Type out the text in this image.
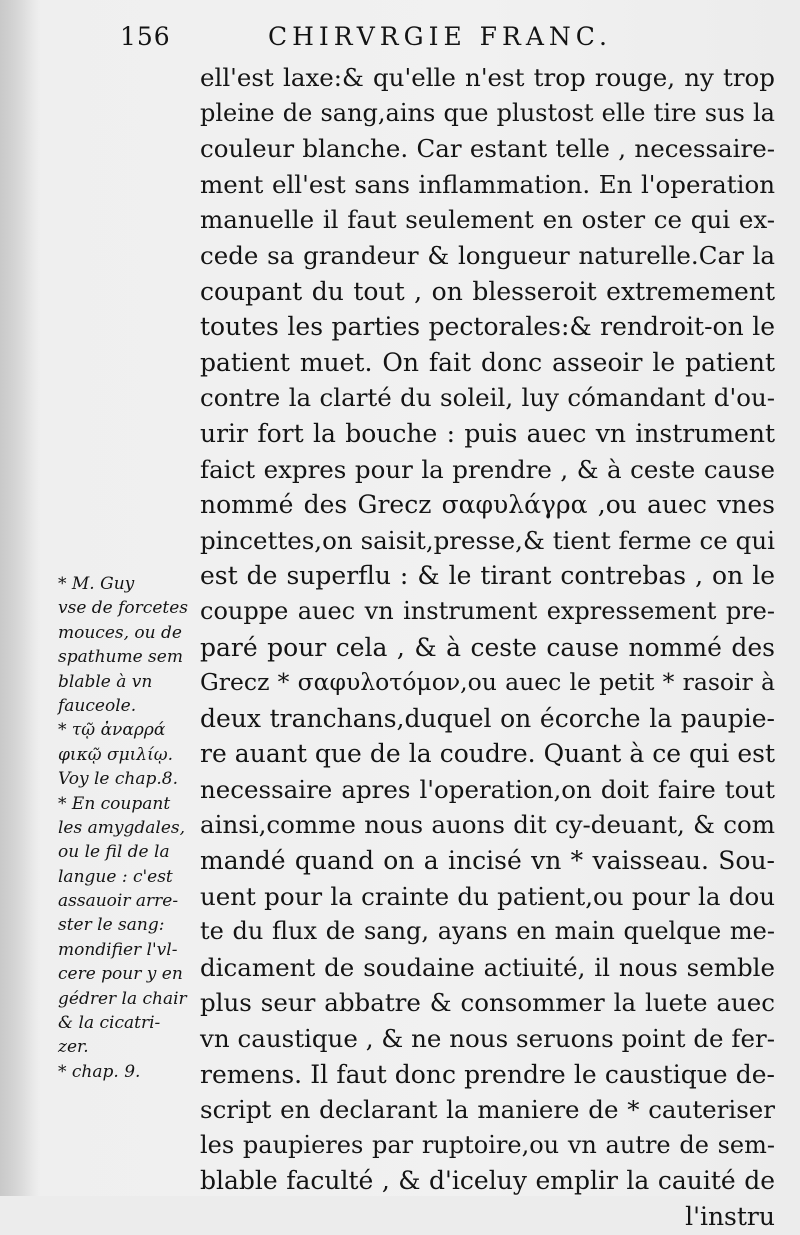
156	CHIRVRGIE FRANC.
ell'est laxe:& qu'elle n'est trop rouge, ny trop
pleine de sang,ains que plustost elle tire sus la
couleur blanche. Car estant telle , necessaire-
ment ell'est sans inflammation. En l'operation
manuelle il faut seulement en oster ce qui ex-
cede sa grandeur & longueur naturelle.Car la
coupant du tout , on blesseroit extremement
toutes les parties pectorales:& rendroit-on le
patient muet. On fait donc asseoir le patient
contre la clarté du soleil, luy cómandant d'ou-
urir fort la bouche : puis auec vn instrument
faict expres pour la prendre , & à ceste cause
nommé des Grecz σαφυλάγρα ,ou auec vnes
pincettes,on saisit,presse,& tient ferme ce qui
est de superflu : & le tirant contrebas , on le
couppe auec vn instrument expressement pre-
paré pour cela , & à ceste cause nommé des
Grecz * σαφυλοτόμον,ou auec le petit * rasoir à
deux tranchans,duquel on écorche la paupie-
re auant que de la coudre. Quant à ce qui est
necessaire apres l'operation,on doit faire tout
ainsi,comme nous auons dit cy-deuant, & com
mandé quand on a incisé vn * vaisseau. Sou-
uent pour la crainte du patient,ou pour la dou
te du flux de sang, ayans en main quelque me-
dicament de soudaine actiuité, il nous semble
plus seur abbatre & consommer la luete auec
vn caustique , & ne nous seruons point de fer-
remens. Il faut donc prendre le caustique de-
script en declarant la maniere de * cauteriser
les paupieres par ruptoire,ou vn autre de sem-
blable faculté , & d'iceluy emplir la cauité de
l'instru
* M. Guy
vse de forcetes
mouces, ou de
spathume sem
blable à vn
fauceole.
* τῷ ἀναρρά
φικῷ σμιλίῳ.
Voy le chap.8.
* En coupant
les amygdales,
ou le fil de la
langue : c'est
assauoir arre-
ster le sang:
mondifier l'vl-
cere pour y en
gédrer la chair
& la cicatri-
zer.
* chap. 9.
